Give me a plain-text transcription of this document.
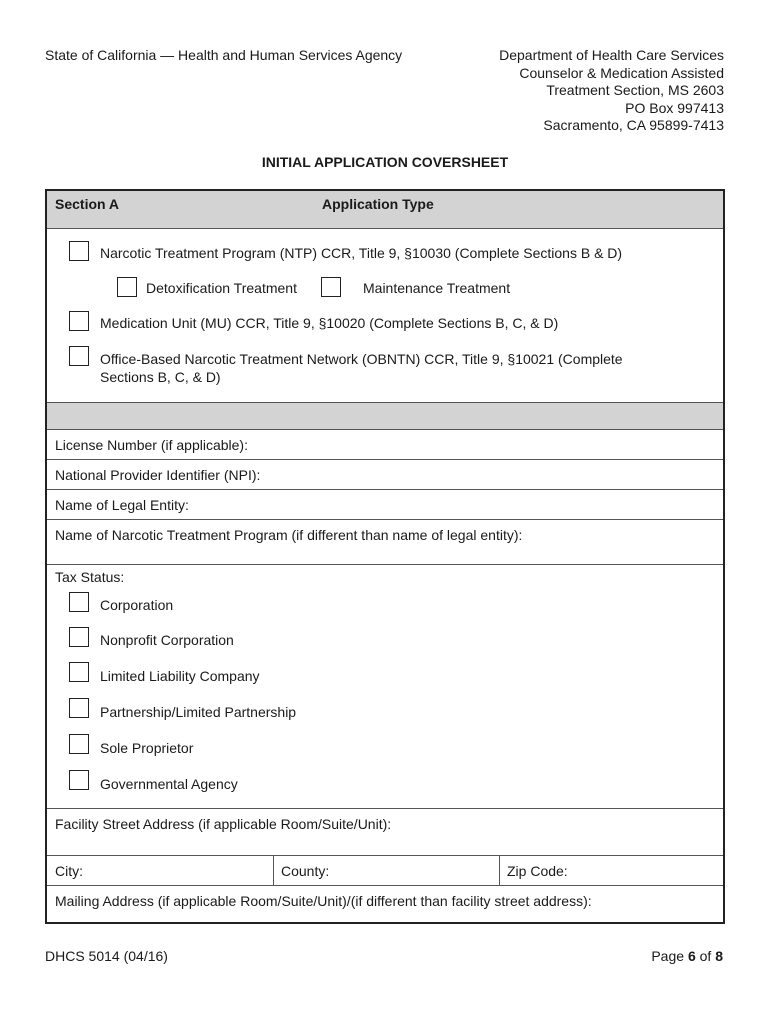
State of California — Health and Human Services Agency	Department of Health Care Services
Counselor & Medication Assisted
Treatment Section, MS 2603
PO Box 997413
Sacramento, CA 95899-7413
INITIAL APPLICATION COVERSHEET
Section A	Application Type
Narcotic Treatment Program (NTP) CCR, Title 9, §10030 (Complete Sections B & D)
Detoxification Treatment	Maintenance Treatment
Medication Unit (MU) CCR, Title 9, §10020 (Complete Sections B, C, & D)
Office-Based Narcotic Treatment Network (OBNTN) CCR, Title 9, §10021 (Complete Sections B, C, & D)
License Number (if applicable):
National Provider Identifier (NPI):
Name of Legal Entity:
Name of Narcotic Treatment Program (if different than name of legal entity):
Tax Status:
Corporation
Nonprofit Corporation
Limited Liability Company
Partnership/Limited Partnership
Sole Proprietor
Governmental Agency
Facility Street Address (if applicable Room/Suite/Unit):
City:	County:	Zip Code:
Mailing Address (if applicable Room/Suite/Unit)/(if different than facility street address):
DHCS 5014 (04/16)	Page 6 of 8
